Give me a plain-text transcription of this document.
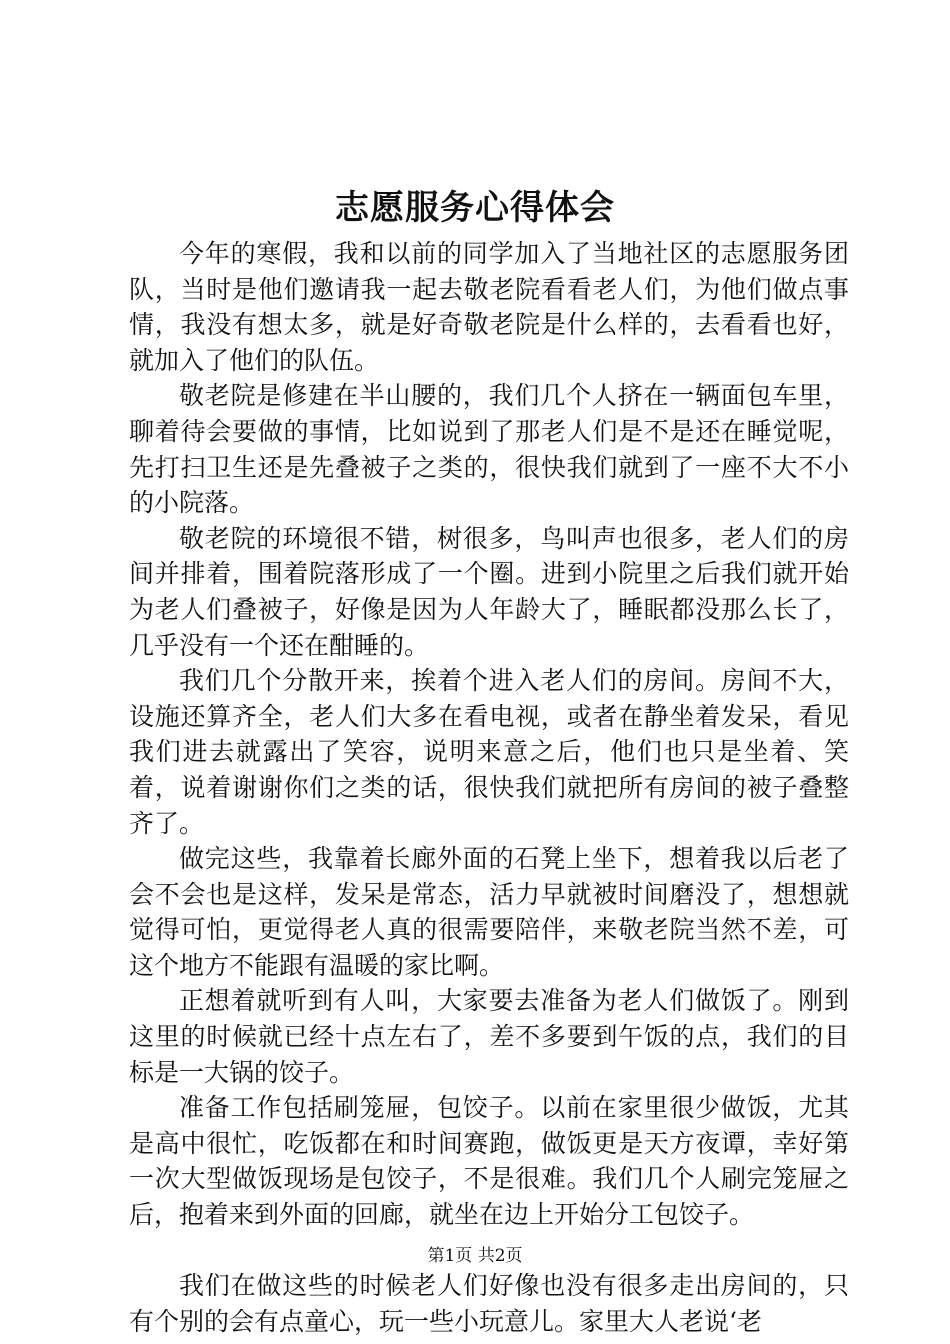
志愿服务心得体会

今年的寒假，我和以前的同学加入了当地社区的志愿服务团队，当时是他们邀请我一起去敬老院看看老人们，为他们做点事情，我没有想太多，就是好奇敬老院是什么样的，去看看也好，就加入了他们的队伍。

敬老院是修建在半山腰的，我们几个人挤在一辆面包车里，聊着待会要做的事情，比如说到了那老人们是不是还在睡觉呢，先打扫卫生还是先叠被子之类的，很快我们就到了一座不大不小的小院落。

敬老院的环境很不错，树很多，鸟叫声也很多，老人们的房间并排着，围着院落形成了一个圈。进到小院里之后我们就开始为老人们叠被子，好像是因为人年龄大了，睡眠都没那么长了，几乎没有一个还在酣睡的。

我们几个分散开来，挨着个进入老人们的房间。房间不大，设施还算齐全，老人们大多在看电视，或者在静坐着发呆，看见我们进去就露出了笑容，说明来意之后，他们也只是坐着、笑着，说着谢谢你们之类的话，很快我们就把所有房间的被子叠整齐了。

做完这些，我靠着长廊外面的石凳上坐下，想着我以后老了会不会也是这样，发呆是常态，活力早就被时间磨没了，想想就觉得可怕，更觉得老人真的很需要陪伴，来敬老院当然不差，可这个地方不能跟有温暖的家比啊。

正想着就听到有人叫，大家要去准备为老人们做饭了。刚到这里的时候就已经十点左右了，差不多要到午饭的点，我们的目标是一大锅的饺子。

准备工作包括刷笼屉，包饺子。以前在家里很少做饭，尤其是高中很忙，吃饭都在和时间赛跑，做饭更是天方夜谭，幸好第一次大型做饭现场是包饺子，不是很难。我们几个人刷完笼屉之后，抱着来到外面的回廊，就坐在边上开始分工包饺子。

我们在做这些的时候老人们好像也没有很多走出房间的，只有个别的会有点童心，玩一些小玩意儿。家里大人老说‘老

第1页 共2页
